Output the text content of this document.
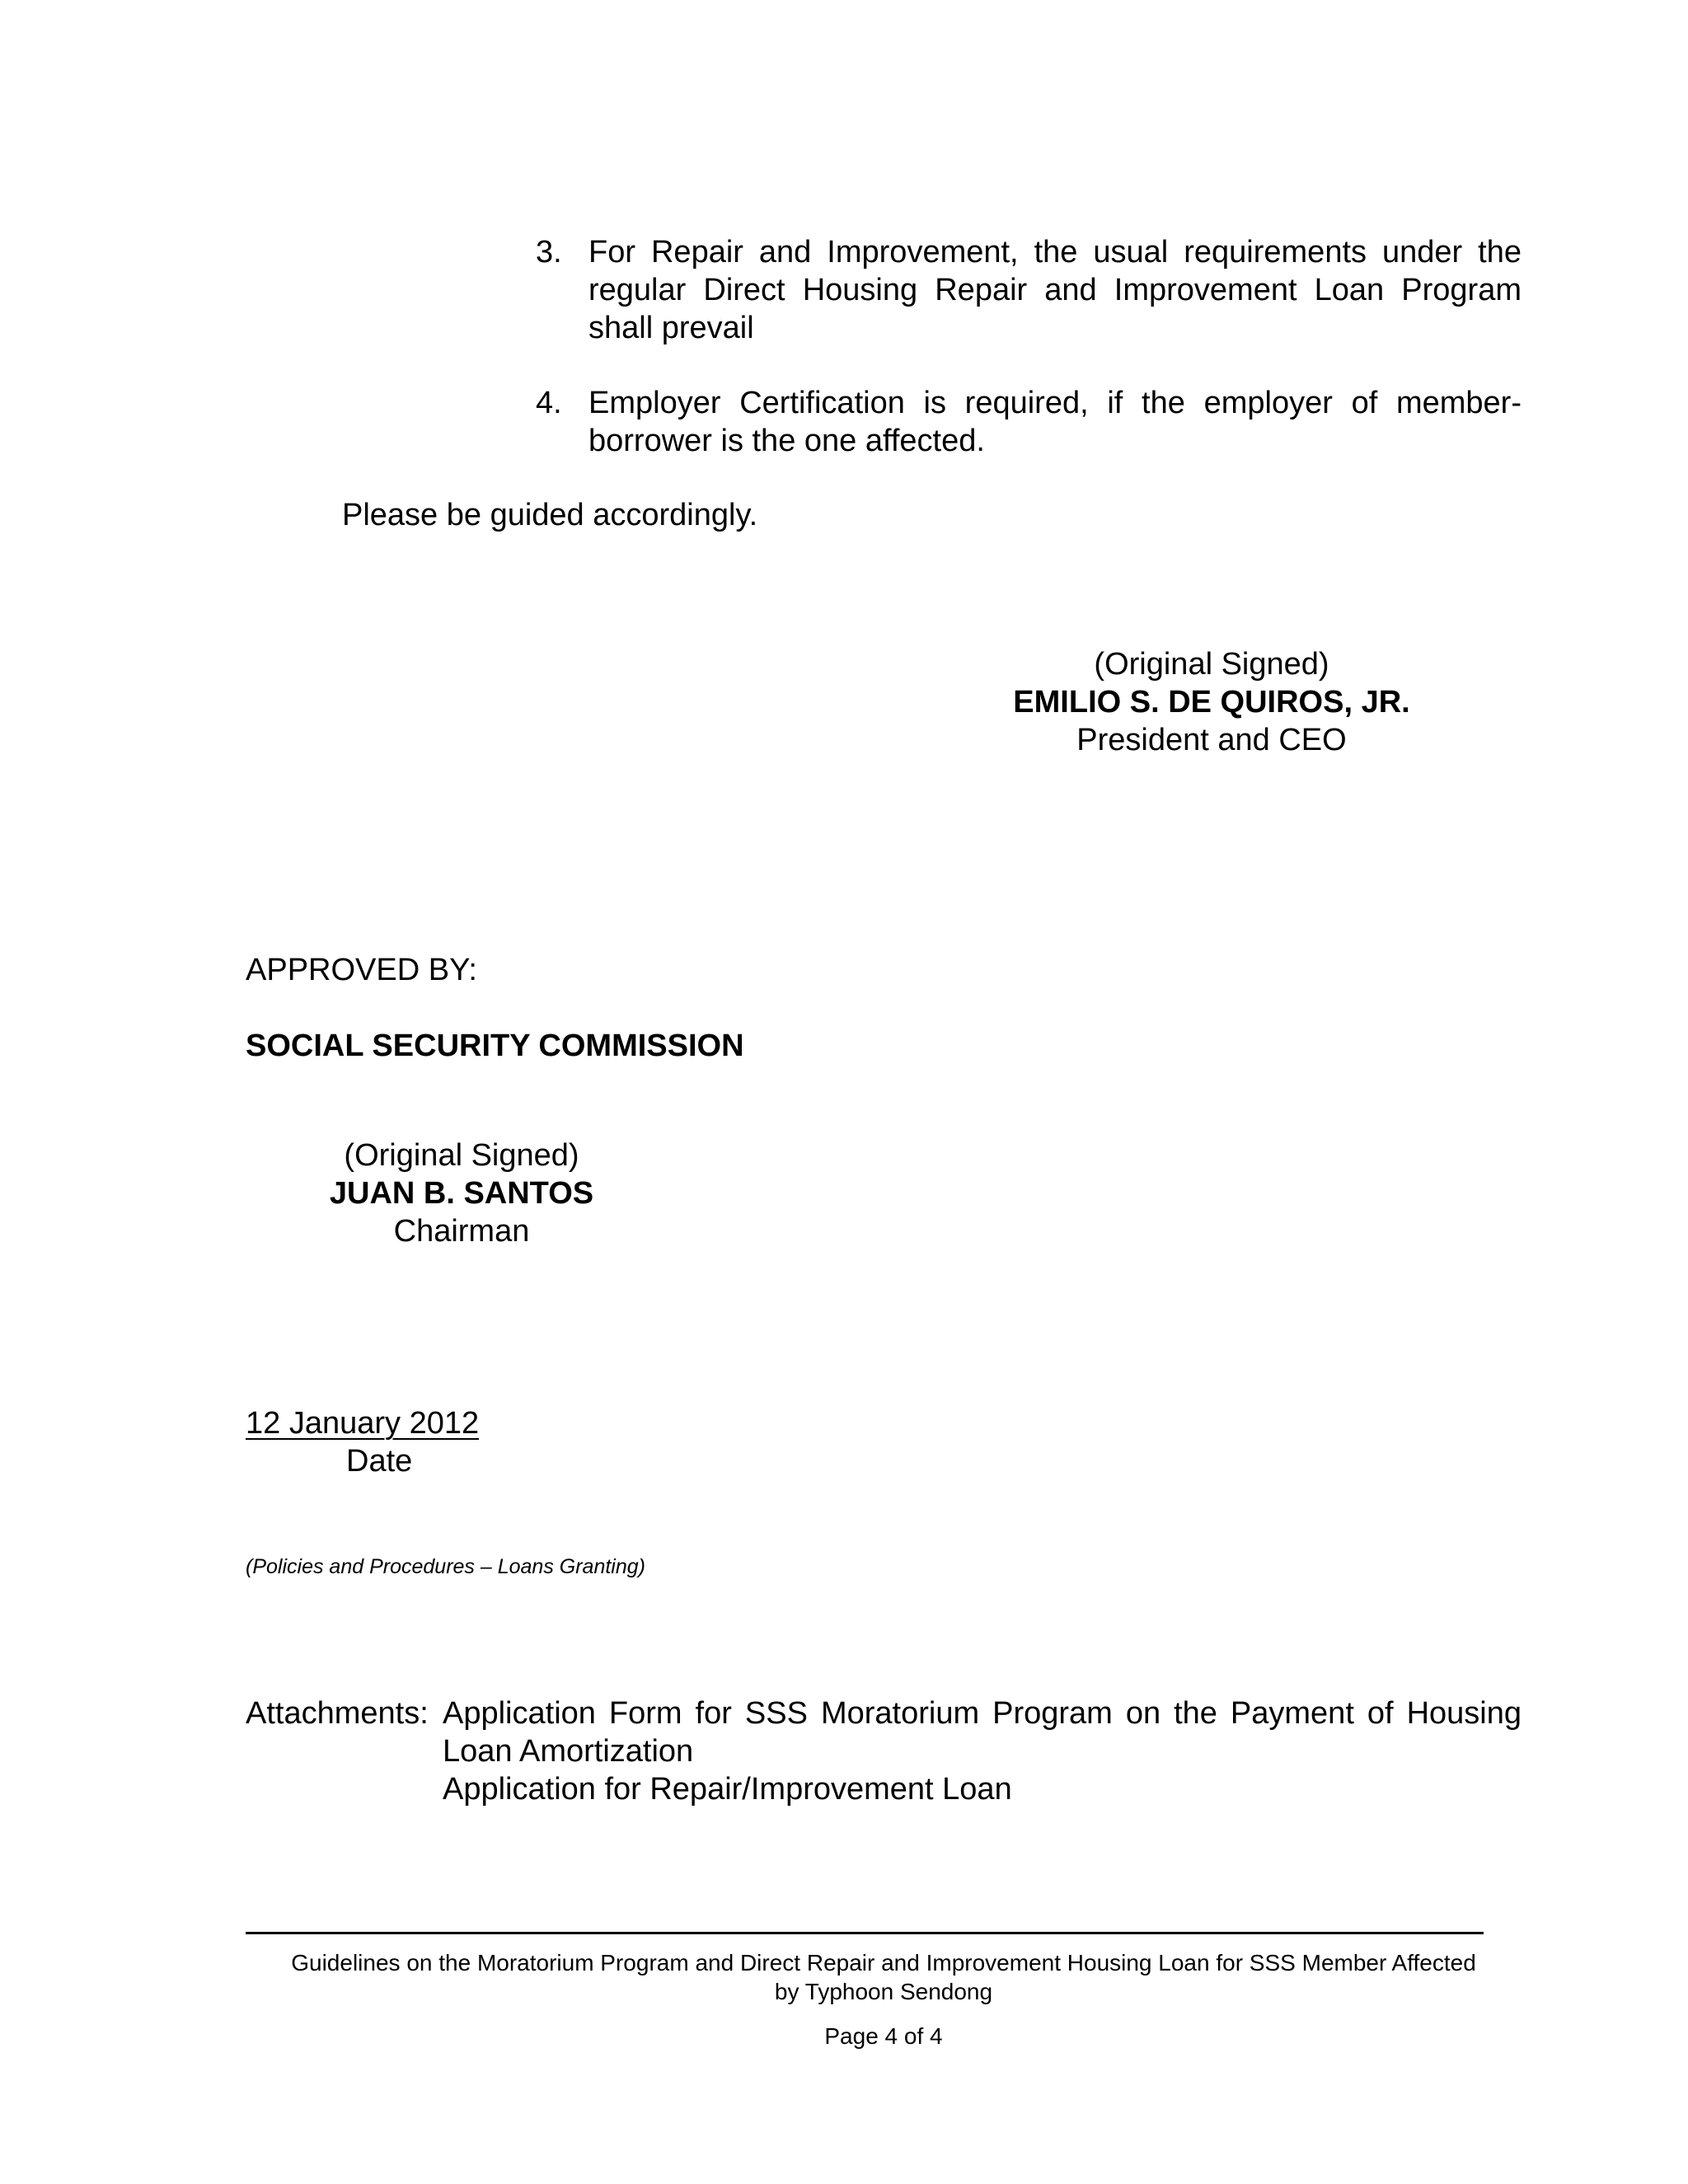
3. For Repair and Improvement, the usual requirements under the regular Direct Housing Repair and Improvement Loan Program shall prevail
4. Employer Certification is required, if the employer of member-borrower is the one affected.
Please be guided accordingly.
(Original Signed)
EMILIO S. DE QUIROS, JR.
President and CEO
APPROVED BY:
SOCIAL SECURITY COMMISSION
(Original Signed)
JUAN B. SANTOS
Chairman
12 January 2012
Date
(Policies and Procedures – Loans Granting)
Attachments: Application Form for SSS Moratorium Program on the Payment of Housing Loan Amortization
Application for Repair/Improvement Loan
Guidelines on the Moratorium Program and Direct Repair and Improvement Housing Loan for SSS Member Affected
by Typhoon Sendong
Page 4 of 4
